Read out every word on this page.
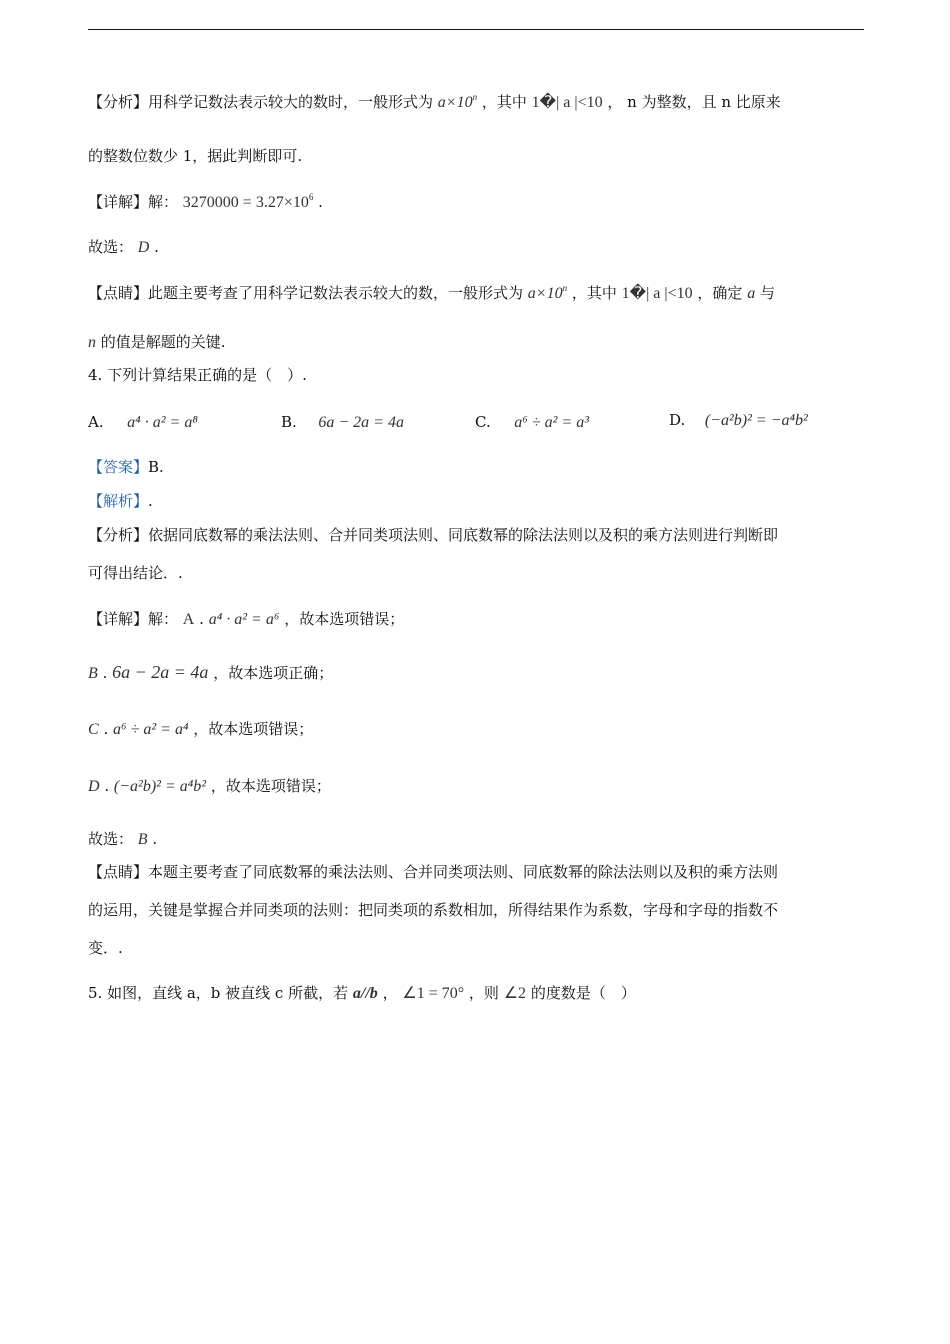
【分析】用科学记数法表示较大的数时，一般形式为 $a\times 10^n$ ，其中 1�| a |<10 ， n 为整数，且 n 比原来
的整数位数少 1，据此判断即可.
【详解】解： $3270000 = 3.27\times 10^6$ .
故选： D .
【点睛】此题主要考查了用科学记数法表示较大的数，一般形式为 $a\times 10^n$ ，其中 1�| a |<10 ，确定 a 与
n 的值是解题的关键.
4. 下列计算结果正确的是（　）.
A. a⁴ · a² = a⁸	B. 6a − 2a = 4a	C. a⁶ ÷ a² = a³	D. (−a²b)² = −a⁴b²
【答案】B.
【解析】.
【分析】依据同底数幂的乘法法则、合并同类项法则、同底数幂的除法法则以及积的乘方法则进行判断即
可得出结论．.
【详解】解： A . a⁴ · a² = a⁶ ，故本选项错误；
B . 6a − 2a = 4a ，故本选项正确；
C . a⁶ ÷ a² = a⁴ ，故本选项错误；
D . (−a²b)² = a⁴b² ，故本选项错误；
故选： B .
【点睛】本题主要考查了同底数幂的乘法法则、合并同类项法则、同底数幂的除法法则以及积的乘方法则
的运用，关键是掌握合并同类项的法则：把同类项的系数相加，所得结果作为系数，字母和字母的指数不
变．.
5. 如图，直线 a，b 被直线 c 所截，若 a//b ， ∠1 = 70° ，则 ∠2 的度数是（　）
